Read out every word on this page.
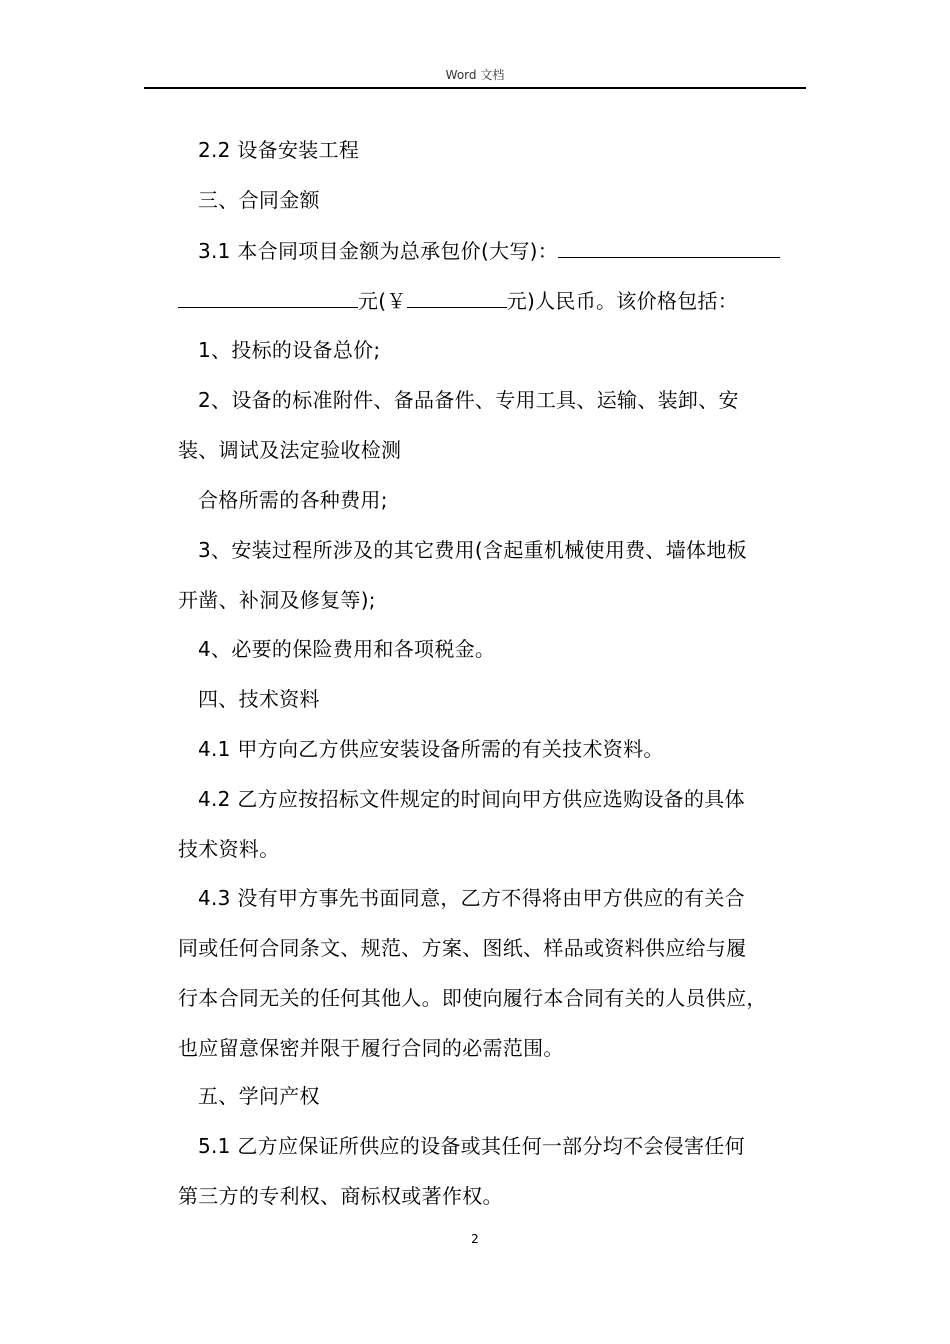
Word 文档
2.2 设备安装工程
三、合同金额
3.1 本合同项目金额为总承包价(大写)：
元(￥	元)人民币。该价格包括：
1、投标的设备总价;
2、设备的标准附件、备品备件、专用工具、运输、装卸、安
装、调试及法定验收检测
合格所需的各种费用;
3、安装过程所涉及的其它费用(含起重机械使用费、墙体地板
开凿、补洞及修复等);
4、必要的保险费用和各项税金。
四、技术资料
4.1 甲方向乙方供应安装设备所需的有关技术资料。
4.2 乙方应按招标文件规定的时间向甲方供应选购设备的具体
技术资料。
4.3 没有甲方事先书面同意，乙方不得将由甲方供应的有关合
同或任何合同条文、规范、方案、图纸、样品或资料供应给与履
行本合同无关的任何其他人。即使向履行本合同有关的人员供应，
也应留意保密并限于履行合同的必需范围。
五、学问产权
5.1 乙方应保证所供应的设备或其任何一部分均不会侵害任何
第三方的专利权、商标权或著作权。
2
